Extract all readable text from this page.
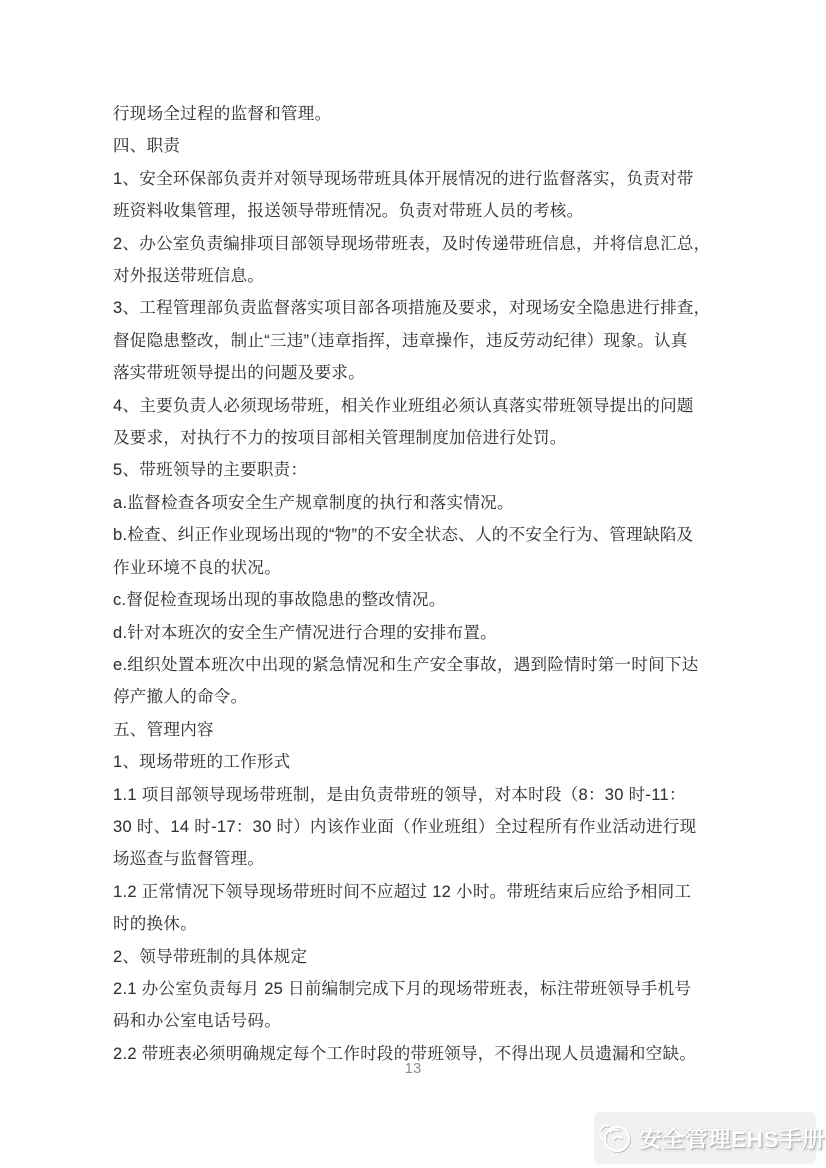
行现场全过程的监督和管理。
四、职责
1、安全环保部负责并对领导现场带班具体开展情况的进行监督落实，负责对带
班资料收集管理，报送领导带班情况。负责对带班人员的考核。
2、办公室负责编排项目部领导现场带班表，及时传递带班信息，并将信息汇总，
对外报送带班信息。
3、工程管理部负责监督落实项目部各项措施及要求，对现场安全隐患进行排查，
督促隐患整改，制止“三违”（违章指挥，违章操作，违反劳动纪律）现象。认真
落实带班领导提出的问题及要求。
4、主要负责人必须现场带班，相关作业班组必须认真落实带班领导提出的问题
及要求，对执行不力的按项目部相关管理制度加倍进行处罚。
5、带班领导的主要职责：
a.监督检查各项安全生产规章制度的执行和落实情况。
b.检查、纠正作业现场出现的“物”的不安全状态、人的不安全行为、管理缺陷及
作业环境不良的状况。
c.督促检查现场出现的事故隐患的整改情况。
d.针对本班次的安全生产情况进行合理的安排布置。
e.组织处置本班次中出现的紧急情况和生产安全事故，遇到险情时第一时间下达
停产撤人的命令。
五、管理内容
1、现场带班的工作形式
1.1 项目部领导现场带班制，是由负责带班的领导，对本时段（8：30 时-11：
30 时、14 时-17：30 时）内该作业面（作业班组）全过程所有作业活动进行现
场巡查与监督管理。
1.2 正常情况下领导现场带班时间不应超过 12 小时。带班结束后应给予相同工
时的换休。
2、领导带班制的具体规定
2.1 办公室负责每月 25 日前编制完成下月的现场带班表，标注带班领导手机号
码和办公室电话号码。
2.2 带班表必须明确规定每个工作时段的带班领导，不得出现人员遗漏和空缺。
13
安全管理EHS手册
